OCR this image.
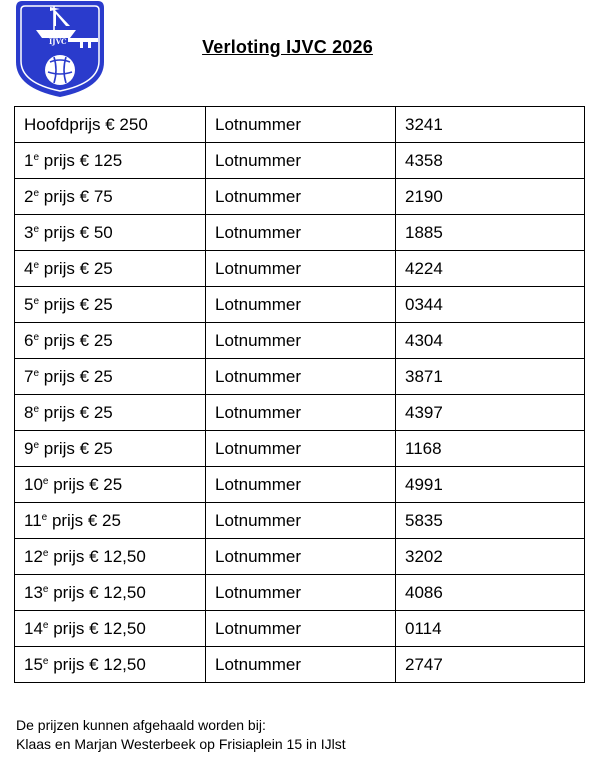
IJVC	Verloting IJVC 2026
Hoofdprijs € 250	Lotnummer	3241
1e prijs € 125	Lotnummer	4358
2e prijs € 75	Lotnummer	2190
3e prijs € 50	Lotnummer	1885
4e prijs € 25	Lotnummer	4224
5e prijs € 25	Lotnummer	0344
6e prijs € 25	Lotnummer	4304
7e prijs € 25	Lotnummer	3871
8e prijs € 25	Lotnummer	4397
9e prijs € 25	Lotnummer	1168
10e prijs € 25	Lotnummer	4991
11e prijs € 25	Lotnummer	5835
12e prijs € 12,50	Lotnummer	3202
13e prijs € 12,50	Lotnummer	4086
14e prijs € 12,50	Lotnummer	0114
15e prijs € 12,50	Lotnummer	2747
De prijzen kunnen afgehaald worden bij:
Klaas en Marjan Westerbeek op Frisiaplein 15 in IJlst
